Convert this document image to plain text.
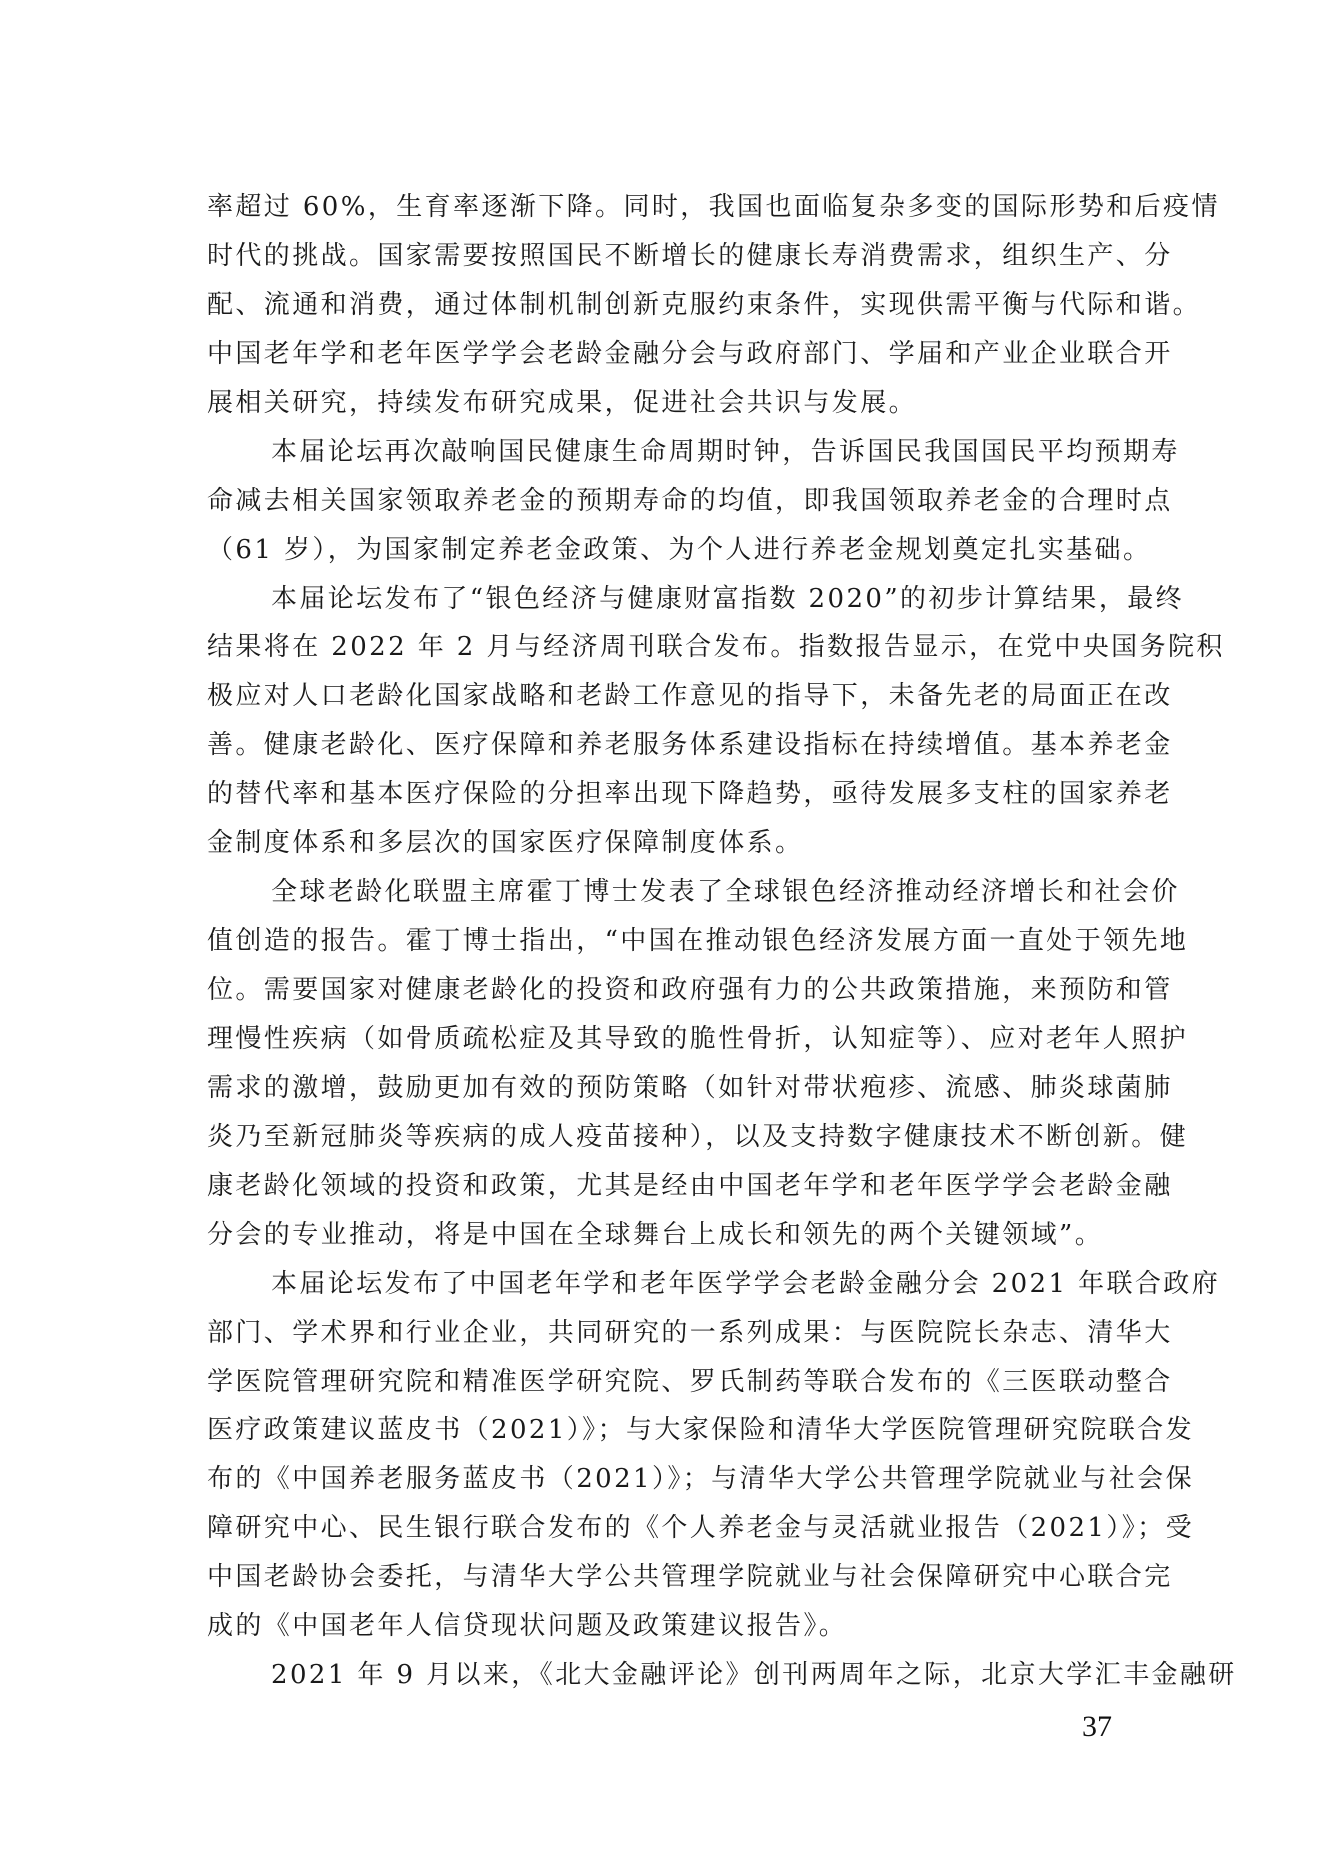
率超过 60%，生育率逐渐下降。同时，我国也面临复杂多变的国际形势和后疫情
时代的挑战。国家需要按照国民不断增长的健康长寿消费需求，组织生产、分
配、流通和消费，通过体制机制创新克服约束条件，实现供需平衡与代际和谐。
中国老年学和老年医学学会老龄金融分会与政府部门、学届和产业企业联合开
展相关研究，持续发布研究成果，促进社会共识与发展。

本届论坛再次敲响国民健康生命周期时钟，告诉国民我国国民平均预期寿
命减去相关国家领取养老金的预期寿命的均值，即我国领取养老金的合理时点
（61 岁），为国家制定养老金政策、为个人进行养老金规划奠定扎实基础。

本届论坛发布了“银色经济与健康财富指数 2020”的初步计算结果，最终
结果将在 2022 年 2 月与经济周刊联合发布。指数报告显示，在党中央国务院积
极应对人口老龄化国家战略和老龄工作意见的指导下，未备先老的局面正在改
善。健康老龄化、医疗保障和养老服务体系建设指标在持续增值。基本养老金
的替代率和基本医疗保险的分担率出现下降趋势，亟待发展多支柱的国家养老
金制度体系和多层次的国家医疗保障制度体系。

全球老龄化联盟主席霍丁博士发表了全球银色经济推动经济增长和社会价
值创造的报告。霍丁博士指出，“中国在推动银色经济发展方面一直处于领先地
位。需要国家对健康老龄化的投资和政府强有力的公共政策措施，来预防和管
理慢性疾病（如骨质疏松症及其导致的脆性骨折，认知症等）、应对老年人照护
需求的激增，鼓励更加有效的预防策略（如针对带状疱疹、流感、肺炎球菌肺
炎乃至新冠肺炎等疾病的成人疫苗接种），以及支持数字健康技术不断创新。健
康老龄化领域的投资和政策，尤其是经由中国老年学和老年医学学会老龄金融
分会的专业推动，将是中国在全球舞台上成长和领先的两个关键领域”。

本届论坛发布了中国老年学和老年医学学会老龄金融分会 2021 年联合政府
部门、学术界和行业企业，共同研究的一系列成果：与医院院长杂志、清华大
学医院管理研究院和精准医学研究院、罗氏制药等联合发布的《三医联动整合
医疗政策建议蓝皮书（2021）》；与大家保险和清华大学医院管理研究院联合发
布的《中国养老服务蓝皮书（2021）》；与清华大学公共管理学院就业与社会保
障研究中心、民生银行联合发布的《个人养老金与灵活就业报告（2021）》；受
中国老龄协会委托，与清华大学公共管理学院就业与社会保障研究中心联合完
成的《中国老年人信贷现状问题及政策建议报告》。

2021 年 9 月以来，《北大金融评论》创刊两周年之际，北京大学汇丰金融研

37
